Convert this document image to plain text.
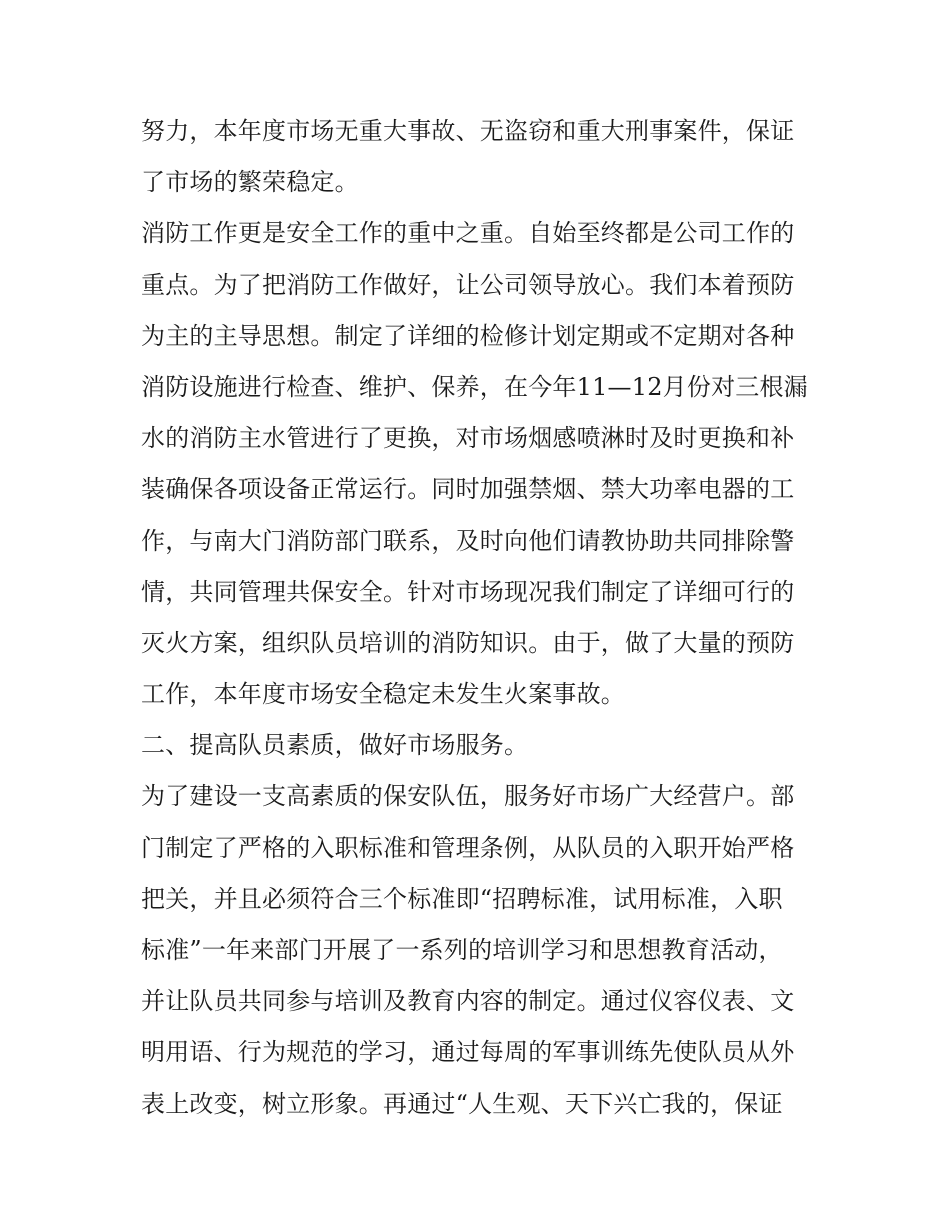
努力，本年度市场无重大事故、无盗窃和重大刑事案件，保证
了市场的繁荣稳定。
消防工作更是安全工作的重中之重。自始至终都是公司工作的
重点。为了把消防工作做好，让公司领导放心。我们本着预防
为主的主导思想。制定了详细的检修计划定期或不定期对各种
消防设施进行检查、维护、保养，在今年11—12月份对三根漏
水的消防主水管进行了更换，对市场烟感喷淋时及时更换和补
装确保各项设备正常运行。同时加强禁烟、禁大功率电器的工
作，与南大门消防部门联系，及时向他们请教协助共同排除警
情，共同管理共保安全。针对市场现况我们制定了详细可行的
灭火方案，组织队员培训的消防知识。由于，做了大量的预防
工作，本年度市场安全稳定未发生火案事故。
二、提高队员素质，做好市场服务。
为了建设一支高素质的保安队伍，服务好市场广大经营户。部
门制定了严格的入职标准和管理条例，从队员的入职开始严格
把关，并且必须符合三个标准即“招聘标准，试用标准，入职
标准”一年来部门开展了一系列的培训学习和思想教育活动，
并让队员共同参与培训及教育内容的制定。通过仪容仪表、文
明用语、行为规范的学习，通过每周的军事训练先使队员从外
表上改变，树立形象。再通过“人生观、天下兴亡我的，保证
